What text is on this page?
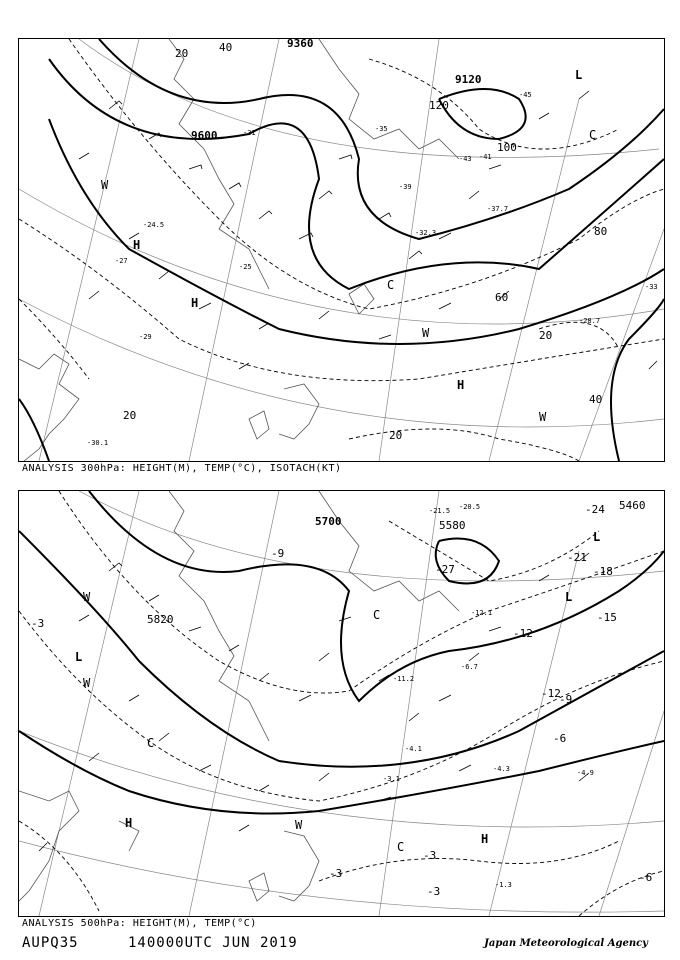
9120
9360
9600
20	40
60
80
100
120
20
20
40
20
H
H
H
C
C
L
W
W
W
-45
-43 -41
-39
-37.7
-35
-33
-31
-29
-28.7
-27
-25
-24.5
-30.1
-32.3
ANALYSIS 300hPa: HEIGHT(M), TEMP(°C), ISOTACH(KT)
5700	5580
5460
5820
-3
-3
-3
-3
-6
-6
-9
-9
-12
-12
-15
-18
-21
-24
-27
H
H
L
L
L
C
C
C
W
W
W
-4.9
-3.1
-4.1
-6.7
-11.2
-12.1
-20.5
-21.5
-1.3
-4.3
ANALYSIS 500hPa: HEIGHT(M), TEMP(°C)
AUPQ35	140000UTC JUN 2019	Japan Meteorological Agency
